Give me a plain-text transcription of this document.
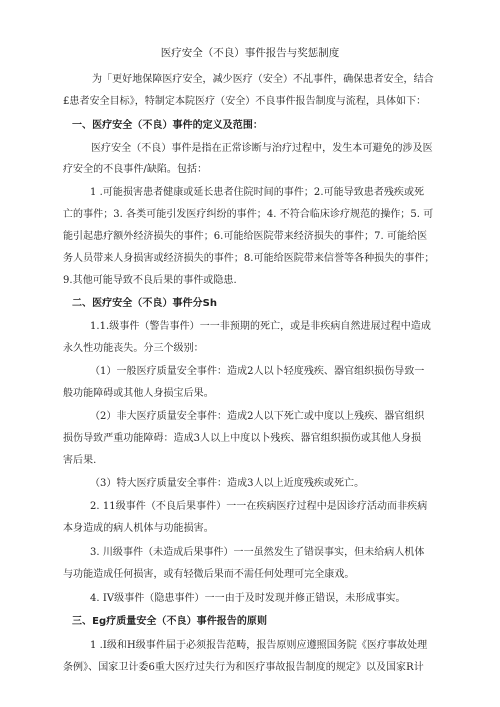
医疗安全（不良）事件报告与奖惩制度
为「更好地保障医疗安全，减少医疗（安全）不乩事件，确保患者安全，结合
£患者安全目标》，特制定本院医疗（安全）不良事件报告制度与流程，具体如下：
一、医疗安全（不良）事件的定义及范围：
医疗安全（不良）事件是指在正常诊断与治疗过程中，发生本可避免的涉及医
疗安全的不良事件/缺陷。包括：
1 .可能损害患者健康或延长患者住院时间的事件；2.可能导致患者残疾或死
亡的事件；3. 各类可能引发医疗纠纷的事件；4. 不符合临床诊疗规范的操作；5. 可
能引起患疗额外经济损失的事件；6.可能给医院带来经济损失的事件；7. 可能给医
务人员带来人身损害或经济损失的事件；8.可能给医院带来信誉等各种损失的事件；
9.其他可能导致不良后果的事件或隐患.
二、医疗安全（不良）事件分Sh
1.1.级事件（警告事件）一一非预期的死亡，或是非疾病自然进展过程中造成
永久性功能丧失。分三个级别：
（1）一般医疗质量安全事件：造成2人以卜轻度残疾、器官组织损伤导致一
般功能障碍或其他人身损宝后果。
（2）非大医疗质量安全事件：造成2人以下死亡或中度以上残疾、器官组织
损伤导致严重功能障碍：造成3人以上中度以卜残疾、器官组织损伤或其他人身损
害后果.
（3）特大医疗质量安全事件：造成3人以上近度残疾或死亡。
2. 11级事件（不良后果事件）一一在疾病医疗过程中是因诊疗活动而非疾病
本身造成的病人机体与功能损害。
3. 川级事件（未造成后果事件）一一虽然发生了错误事实，但未给病人机体
与功能造成任何损害，或有轻微后果而不需任何处理可完全康戏。
4. IV级事件（隐患事件）一一由于及时发现并修正错误，未形成事实。
三、Eg疗质量安全（不良）事件报告的原则
1 .I级和H级事件届于必须报告范畴，报告原则应遵照国务院《医疗事故处理
条例》、国家卫计委6重大医疗过失行为和医疗事故报告制度的规定》以及国家R计
